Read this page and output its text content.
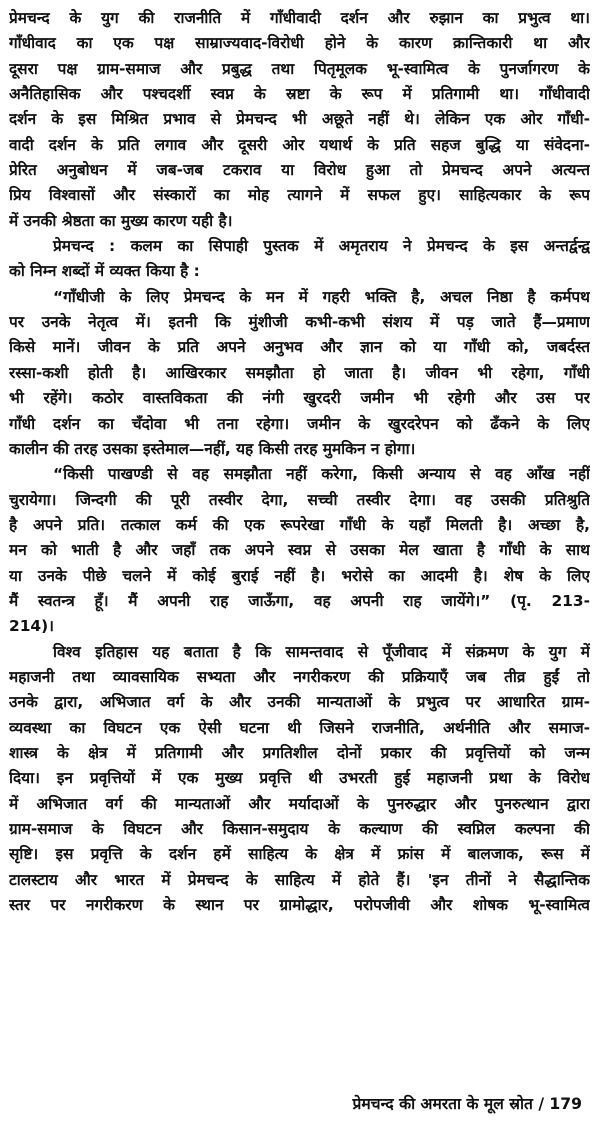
प्रेमचन्द के युग की राजनीति में गाँधीवादी दर्शन और रुझान का प्रभुत्व था।
गाँधीवाद का एक पक्ष साम्राज्यवाद-विरोधी होने के कारण क्रान्तिकारी था और
दूसरा पक्ष ग्राम-समाज और प्रबुद्ध तथा पितृमूलक भू-स्वामित्व के पुनर्जागरण के
अनैतिहासिक और पश्चदर्शी स्वप्न के स्रष्टा के रूप में प्रतिगामी था। गाँधीवादी
दर्शन के इस मिश्रित प्रभाव से प्रेमचन्द भी अछूते नहीं थे। लेकिन एक ओर गाँधी-
वादी दर्शन के प्रति लगाव और दूसरी ओर यथार्थ के प्रति सहज बुद्धि या संवेदना-
प्रेरित अनुबोधन में जब-जब टकराव या विरोध हुआ तो प्रेमचन्द अपने अत्यन्त
प्रिय विश्वासों और संस्कारों का मोह त्यागने में सफल हुए। साहित्यकार के रूप
में उनकी श्रेष्ठता का मुख्य कारण यही है।
प्रेमचन्द : कलम का सिपाही पुस्तक में अमृतराय ने प्रेमचन्द के इस अन्तर्द्वन्द्व
को निम्न शब्दों में व्यक्त किया है :
“गाँधीजी के लिए प्रेमचन्द के मन में गहरी भक्ति है, अचल निष्ठा है कर्मपथ
पर उनके नेतृत्व में। इतनी कि मुंशीजी कभी-कभी संशय में पड़ जाते हैं—प्रमाण
किसे मानें। जीवन के प्रति अपने अनुभव और ज्ञान को या गाँधी को, जबर्दस्त
रस्सा-कशी होती है। आखिरकार समझौता हो जाता है। जीवन भी रहेगा, गाँधी
भी रहेंगे। कठोर वास्तविकता की नंगी खुरदरी जमीन भी रहेगी और उस पर
गाँधी दर्शन का चँदोवा भी तना रहेगा। जमीन के खुरदरेपन को ढँकने के लिए
कालीन की तरह उसका इस्तेमाल—नहीं, यह किसी तरह मुमकिन न होगा।
“किसी पाखण्डी से वह समझौता नहीं करेगा, किसी अन्याय से वह आँख नहीं
चुरायेगा। जिन्दगी की पूरी तस्वीर देगा, सच्ची तस्वीर देगा। वह उसकी प्रतिश्रुति
है अपने प्रति। तत्काल कर्म की एक रूपरेखा गाँधी के यहाँ मिलती है। अच्छा है,
मन को भाती है और जहाँ तक अपने स्वप्न से उसका मेल खाता है गाँधी के साथ
या उनके पीछे चलने में कोई बुराई नहीं है। भरोसे का आदमी है। शेष के लिए
मैं स्वतन्त्र हूँ। मैं अपनी राह जाऊँगा, वह अपनी राह जायेंगे।” (पृ. 213-
214)।
विश्व इतिहास यह बताता है कि सामन्तवाद से पूँजीवाद में संक्रमण के युग में
महाजनी तथा व्यावसायिक सभ्यता और नगरीकरण की प्रक्रियाएँ जब तीव्र हुईं तो
उनके द्वारा, अभिजात वर्ग के और उनकी मान्यताओं के प्रभुत्व पर आधारित ग्राम-
व्यवस्था का विघटन एक ऐसी घटना थी जिसने राजनीति, अर्थनीति और समाज-
शास्त्र के क्षेत्र में प्रतिगामी और प्रगतिशील दोनों प्रकार की प्रवृत्तियों को जन्म
दिया। इन प्रवृत्तियों में एक मुख्य प्रवृत्ति थी उभरती हुई महाजनी प्रथा के विरोध
में अभिजात वर्ग की मान्यताओं और मर्यादाओं के पुनरुद्धार और पुनरुत्थान द्वारा
ग्राम-समाज के विघटन और किसान-समुदाय के कल्याण की स्वप्निल कल्पना की
सृष्टि। इस प्रवृत्ति के दर्शन हमें साहित्य के क्षेत्र में फ्रांस में बालजाक, रूस में
टालस्टाय और भारत में प्रेमचन्द के साहित्य में होते हैं। 'इन तीनों ने सैद्धान्तिक
स्तर पर नगरीकरण के स्थान पर ग्रामोद्धार, परोपजीवी और शोषक भू-स्वामित्व
प्रेमचन्द की अमरता के मूल स्रोत / 179
